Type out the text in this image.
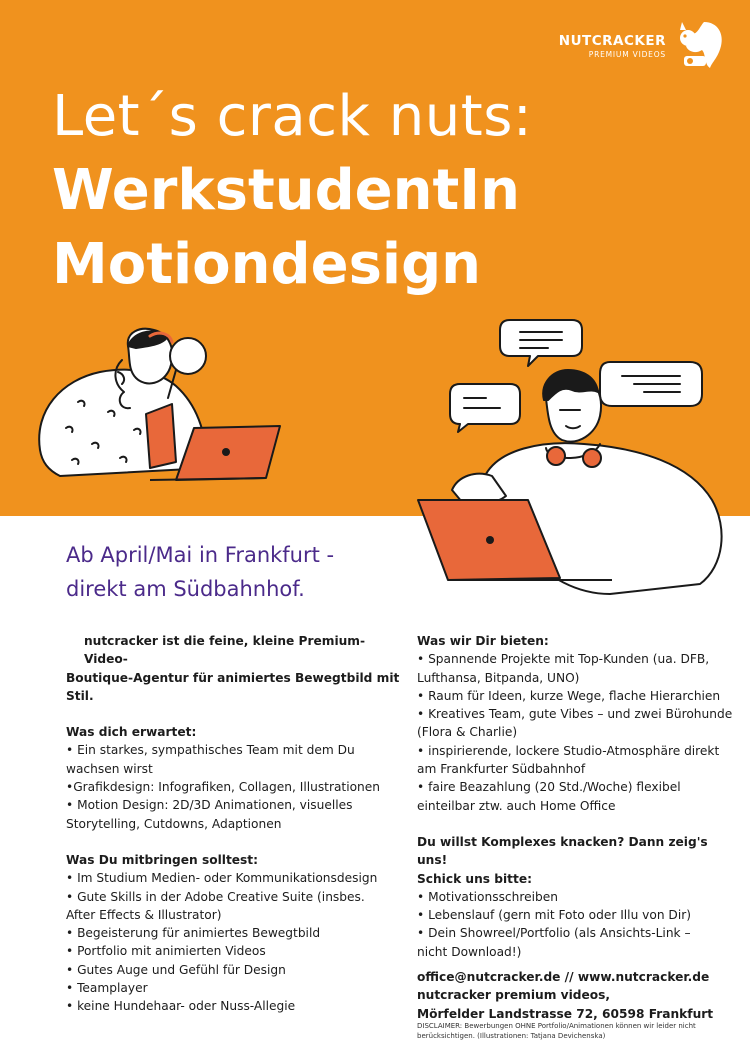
NUTCRACKER
PREMIUM VIDEOS
Let´s crack nuts:
WerkstudentIn
Motiondesign
Ab April/Mai in Frankfurt -
direkt am Südbahnhof.
nutcracker ist die feine, kleine Premium-Video-
Boutique-Agentur für animiertes Bewegtbild mit
Stil.
Was dich erwartet:
• Ein starkes, sympathisches Team mit dem Du
wachsen wirst
•Grafikdesign: Infografiken, Collagen, Illustrationen
• Motion Design: 2D/3D Animationen, visuelles
Storytelling, Cutdowns, Adaptionen
Was Du mitbringen solltest:
• Im Studium Medien- oder Kommunikationsdesign
• Gute Skills in der Adobe Creative Suite (insbes.
After Effects & Illustrator)
• Begeisterung für animiertes Bewegtbild
• Portfolio mit animierten Videos
• Gutes Auge und Gefühl für Design
• Teamplayer
• keine Hundehaar- oder Nuss-Allegie
Was wir Dir bieten:
• Spannende Projekte mit Top-Kunden (ua. DFB,
Lufthansa, Bitpanda, UNO)
• Raum für Ideen, kurze Wege, flache Hierarchien
• Kreatives Team, gute Vibes – und zwei Bürohunde
(Flora & Charlie)
• inspirierende, lockere Studio-Atmosphäre direkt
am Frankfurter Südbahnhof
• faire Beazahlung (20 Std./Woche) flexibel
einteilbar ztw. auch Home Office
Du willst Komplexes knacken? Dann zeig's uns!
Schick uns bitte:
• Motivationsschreiben
• Lebenslauf (gern mit Foto oder Illu von Dir)
• Dein Showreel/Portfolio (als Ansichts-Link –
nicht Download!)
office@nutcracker.de // www.nutcracker.de
nutcracker premium videos,
Mörfelder Landstrasse 72, 60598 Frankfurt
DISCLAIMER: Bewerbungen OHNE Portfolio/Animationen können wir leider nicht
berücksichtigen. (Illustrationen: Tatjana Devichenska)
